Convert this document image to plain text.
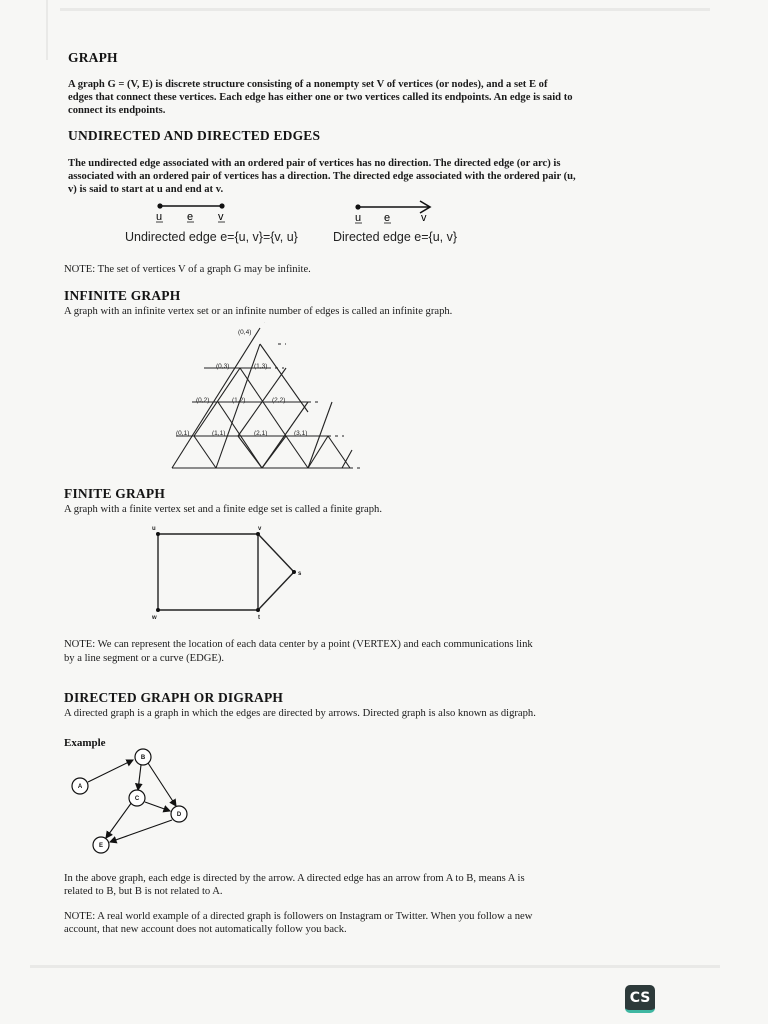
GRAPH

A graph G = (V, E) is discrete structure consisting of a nonempty set V of vertices (or nodes), and a set E of

edges that connect these vertices. Each edge has either one or two vertices called its endpoints. An edge is said to

connect its endpoints.

UNDIRECTED AND DIRECTED EDGES

The undirected edge associated with an ordered pair of vertices has no direction. The directed edge (or arc) is

associated with an ordered pair of vertices has a direction. The directed edge associated with the ordered pair (u,

v) is said to start at u and end at v.

u e v	u e	v
Undirected edge e={u, v}={v, u}	Directed edge e={u, v}

NOTE: The set of vertices V of a graph G may be infinite.

INFINITE GRAPH

A graph with an infinite vertex set or an infinite number of edges is called an infinite graph.

(0,4)
(0,3)	(1,3)
(0,2)	(1,2)	(2,2)
(0,1)	(1,1)	(2,1)	(3,1)
FINITE GRAPH

A graph with a finite vertex set and a finite edge set is called a finite graph.

u	v
s
w	t

NOTE: We can represent the location of each data center by a point (VERTEX) and each communications link

by a line segment or a curve (EDGE).

DIRECTED GRAPH OR DIGRAPH

A directed graph is a graph in which the edges are directed by arrows. Directed graph is also known as digraph.

Example
A
B
C
D
E

In the above graph, each edge is directed by the arrow. A directed edge has an arrow from A to B, means A is

related to B, but B is not related to A.

NOTE: A real world example of a directed graph is followers on Instagram or Twitter. When you follow a new

account, that new account does not automatically follow you back.

CS
